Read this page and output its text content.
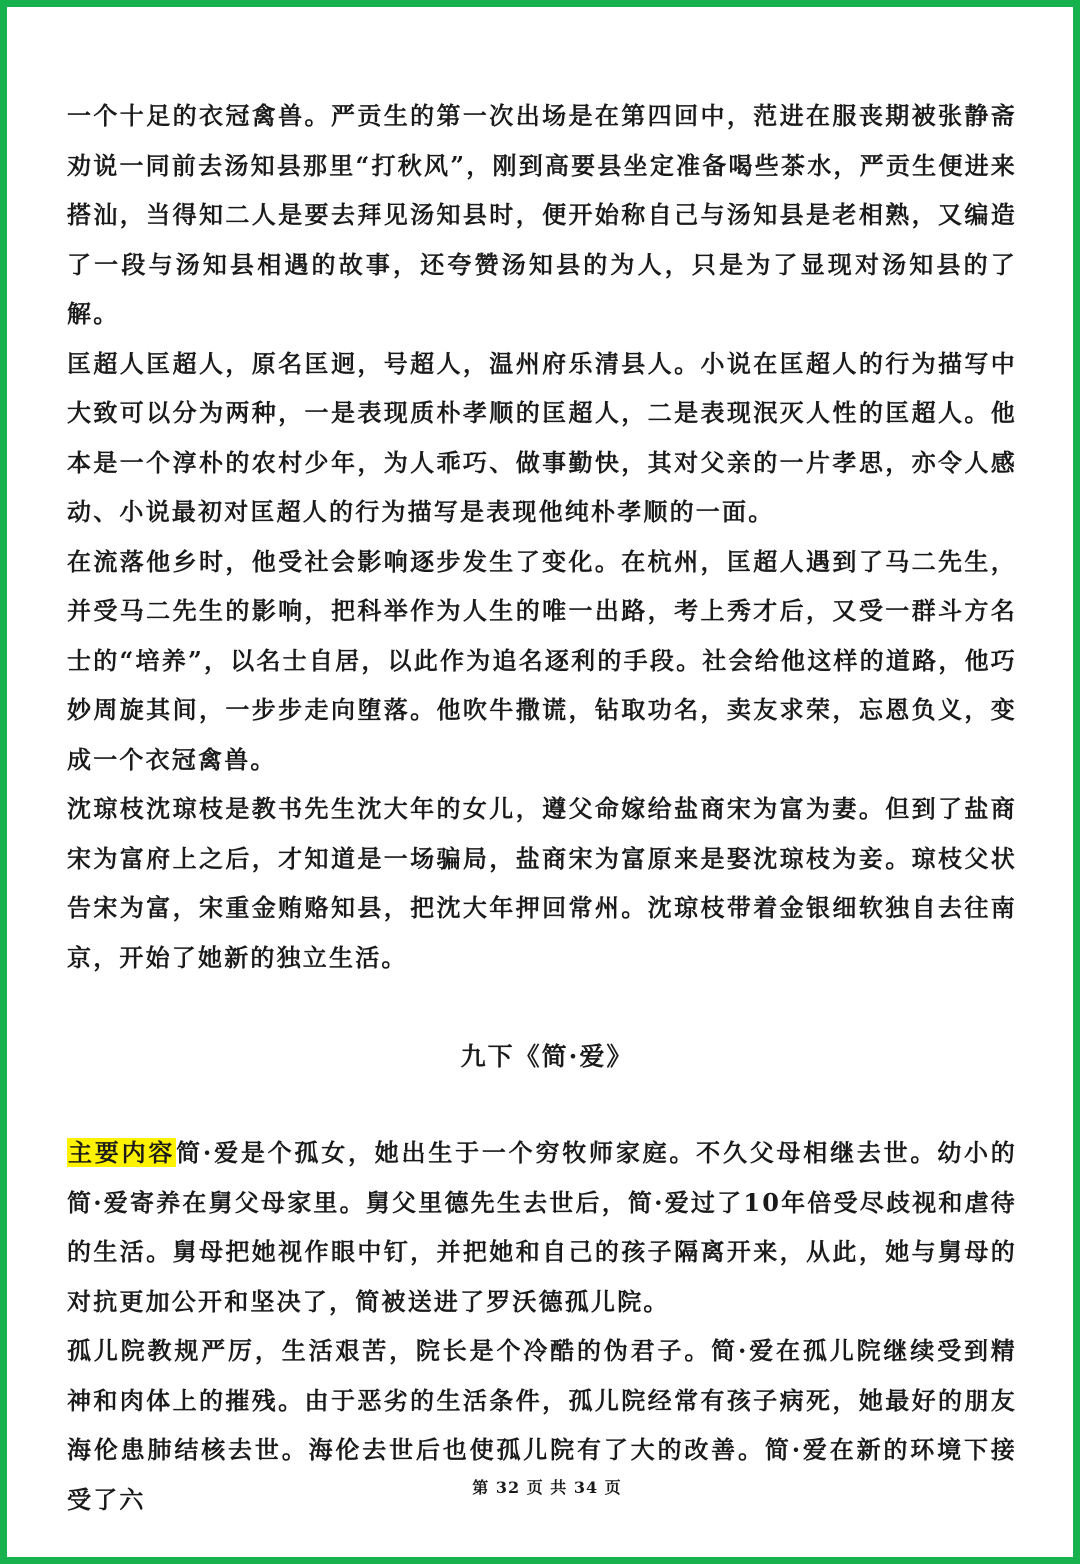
一个十足的衣冠禽兽。严贡生的第一次出场是在第四回中，范进在服丧期被张静斋劝说一同前去汤知县那里“打秋风”，刚到高要县坐定准备喝些茶水，严贡生便进来搭汕，当得知二人是要去拜见汤知县时，便开始称自己与汤知县是老相熟，又编造了一段与汤知县相遇的故事，还夸赞汤知县的为人，只是为了显现对汤知县的了解。

匡超人匡超人，原名匡迥，号超人，温州府乐清县人。小说在匡超人的行为描写中大致可以分为两种，一是表现质朴孝顺的匡超人，二是表现泯灭人性的匡超人。他本是一个淳朴的农村少年，为人乖巧、做事勤快，其对父亲的一片孝思，亦令人感动、小说最初对匡超人的行为描写是表现他纯朴孝顺的一面。

在流落他乡时，他受社会影响逐步发生了变化。在杭州，匡超人遇到了马二先生，并受马二先生的影响，把科举作为人生的唯一出路，考上秀才后，又受一群斗方名士的“培养”，以名士自居，以此作为追名逐利的手段。社会给他这样的道路，他巧妙周旋其间，一步步走向堕落。他吹牛撒谎，钻取功名，卖友求荣，忘恩负义，变成一个衣冠禽兽。

沈琼枝沈琼枝是教书先生沈大年的女儿，遵父命嫁给盐商宋为富为妻。但到了盐商宋为富府上之后，才知道是一场骗局，盐商宋为富原来是娶沈琼枝为妾。琼枝父状告宋为富，宋重金贿赂知县，把沈大年押回常州。沈琼枝带着金银细软独自去往南京，开始了她新的独立生活。

九下《简·爱》

主要内容简·爱是个孤女，她出生于一个穷牧师家庭。不久父母相继去世。幼小的简·爱寄养在舅父母家里。舅父里德先生去世后，简·爱过了10年倍受尽歧视和虐待的生活。舅母把她视作眼中钉，并把她和自己的孩子隔离开来，从此，她与舅母的对抗更加公开和坚决了，简被送进了罗沃德孤儿院。

孤儿院教规严厉，生活艰苦，院长是个冷酷的伪君子。简·爱在孤儿院继续受到精神和肉体上的摧残。由于恶劣的生活条件，孤儿院经常有孩子病死，她最好的朋友海伦患肺结核去世。海伦去世后也使孤儿院有了大的改善。简·爱在新的环境下接受了六	第 32 页 共 34 页
